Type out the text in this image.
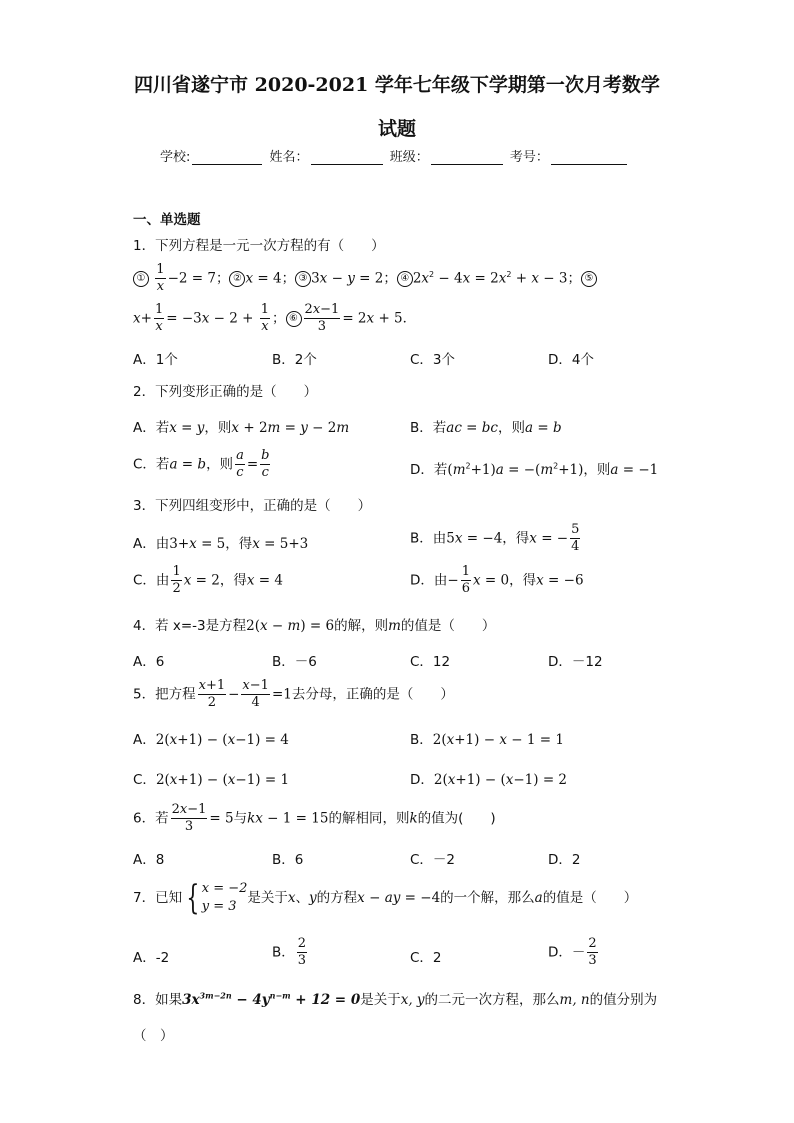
四川省遂宁市 2020-2021 学年七年级下学期第一次月考数学
试题
学校:	姓名：	班级：	考号：
一、单选题
1．下列方程是一元一次方程的有（　　）
① $\frac{1}{x} -2 = 7$； ② x = 4； ③ 3x − y = 2； ④ $2x^2 - 4x = 2x^2 + x - 3$； ⑤
$x+ \frac{1}{x} = -3x - 2 + \frac{1}{x}$ ； ⑥ $\frac{2x-1}{3} = 2x + 5$．
A．1个	B．2个	C．3个	D．4个
2．下列变形正确的是（　　）
A．若x = y，则x + 2m = y − 2m	B．若ac = bc，则a = b
C．若a = b，则 $\frac{a}{c} = \frac{b}{c}$	D．若$(m^2+1)a = -(m^2+1)$，则a = −1
3．下列四组变形中，正确的是（　　）
A．由3+x = 5，得x = 5+3	B．由5x = −4，得x = − $\frac{5}{4}$
C．由 $\frac{1}{2}$ x = 2，得x = 4	D．由− $\frac{1}{6}$ x = 0，得x = −6
4．若 x=-3是方程2(x − m) = 6的解，则m的值是（　　）
A．6	B．－6	C．12	D．－12
5．把方程 $\frac{x+1}{2} - \frac{x-1}{4} =1$去分母，正确的是（　　）
A．2(x+1) − (x−1) = 4	B．2(x+1) − x − 1 = 1
C．2(x+1) − (x−1) = 1	D．2(x+1) − (x−1) = 2
6．若 $\frac{2x-1}{3} = 5$与kx − 1 = 15的解相同，则k的值为(　　)
A．8	B．6	C．－2	D．2
7．已知 { x = −2
y = 3
是关于x、y的方程x − ay = −4的一个解，那么a的值是（　　）
A．-2	B． $\frac{2}{3}$	C．2	D．－ $\frac{2}{3}$
8．如果$3x^{3m-2n} - 4y^{n-m} + 12 = 0$是关于x, y的二元一次方程，那么m, n的值分别为
（　）
